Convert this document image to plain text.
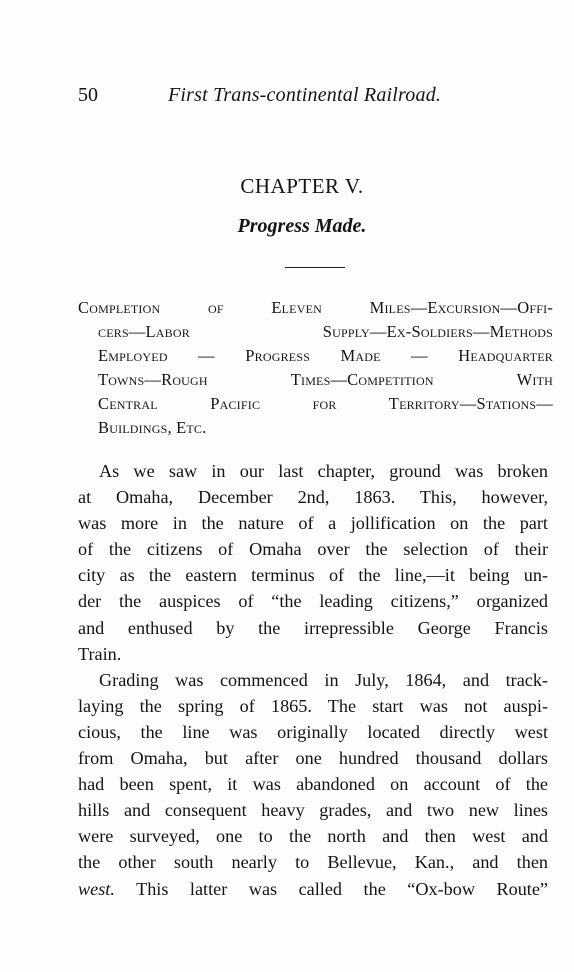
50	First Trans-continental Railroad.
CHAPTER V.
Progress Made.
Completion of Eleven Miles—Excursion—Offi-
cers—Labor Supply—Ex-Soldiers—Methods
Employed — Progress Made — Headquarter
Towns—Rough Times—Competition With
Central Pacific for Territory—Stations—
Buildings, Etc.
As we saw in our last chapter, ground was broken
at Omaha, December 2nd, 1863. This, however,
was more in the nature of a jollification on the part
of the citizens of Omaha over the selection of their
city as the eastern terminus of the line,—it being un-
der the auspices of “the leading citizens,” organized
and enthused by the irrepressible George Francis
Train.
Grading was commenced in July, 1864, and track-
laying the spring of 1865. The start was not auspi-
cious, the line was originally located directly west
from Omaha, but after one hundred thousand dollars
had been spent, it was abandoned on account of the
hills and consequent heavy grades, and two new lines
were surveyed, one to the north and then west and
the other south nearly to Bellevue, Kan., and then
west. This latter was called the “Ox-bow Route”
